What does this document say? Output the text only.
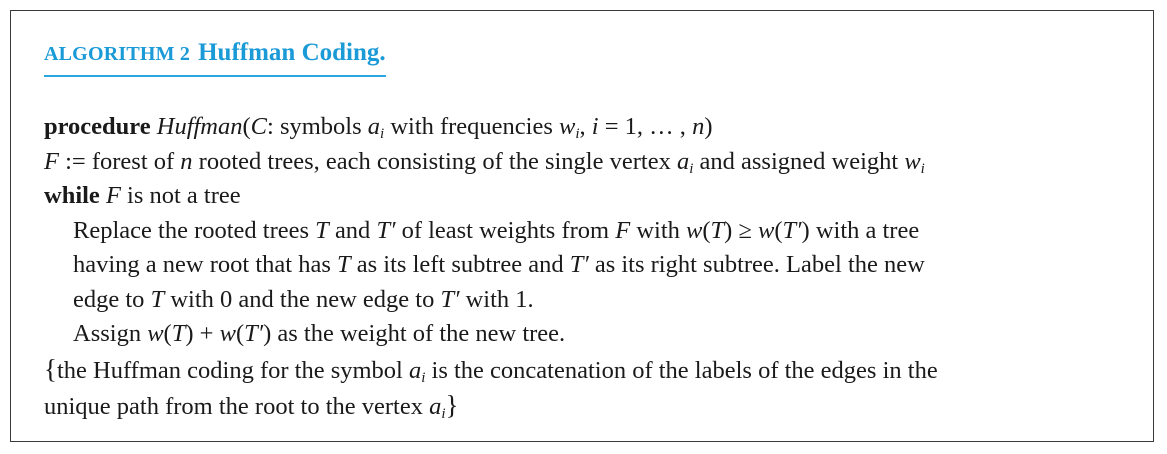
ALGORITHM 2 Huffman Coding.
procedure Huffman(C: symbols $a_i$ with frequencies $w_i$, i = 1, … , n)
F := forest of n rooted trees, each consisting of the single vertex $a_i$ and assigned weight $w_i$
while F is not a tree
Replace the rooted trees T and T′ of least weights from F with w(T) ≥ w(T′) with a tree
having a new root that has T as its left subtree and T′ as its right subtree. Label the new
edge to T with 0 and the new edge to T′ with 1.
Assign w(T) + w(T′) as the weight of the new tree.
{the Huffman coding for the symbol $a_i$ is the concatenation of the labels of the edges in the
unique path from the root to the vertex $a_i$}
